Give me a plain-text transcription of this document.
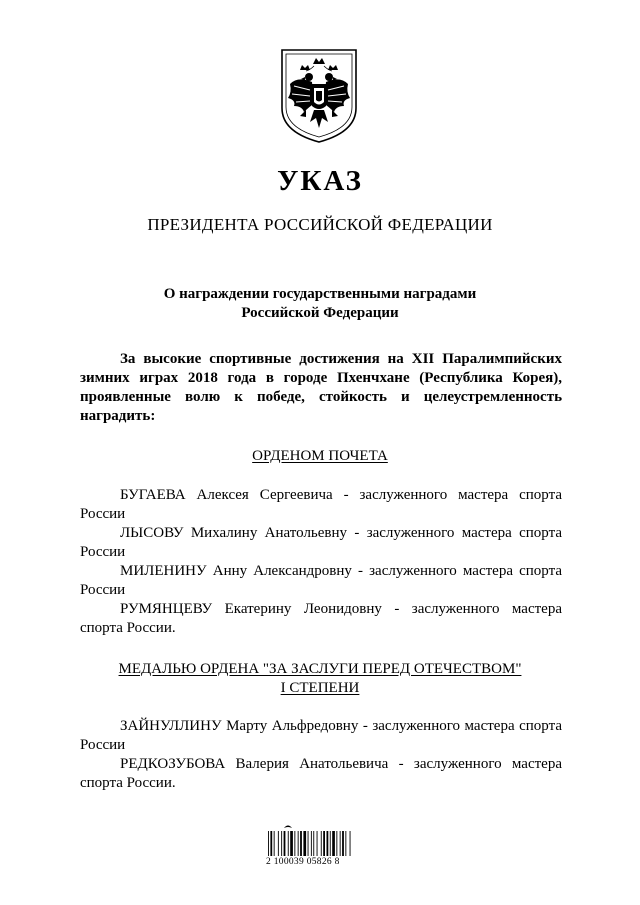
УКАЗ
ПРЕЗИДЕНТА РОССИЙСКОЙ ФЕДЕРАЦИИ
О награждении государственными наградами
Российской Федерации
За высокие спортивные достижения на XII Паралимпийских зимних играх 2018 года в городе Пхенчхане (Республика Корея), проявленные волю к победе, стойкость и целеустремленность наградить:
ОРДЕНОМ ПОЧЕТА
БУГАЕВА Алексея Сергеевича - заслуженного мастера спорта России
ЛЫСОВУ Михалину Анатольевну - заслуженного мастера спорта России
МИЛЕНИНУ Анну Александровну - заслуженного мастера спорта России
РУМЯНЦЕВУ Екатерину Леонидовну - заслуженного мастера спорта России.
МЕДАЛЬЮ ОРДЕНА "ЗА ЗАСЛУГИ ПЕРЕД ОТЕЧЕСТВОМ"
I СТЕПЕНИ
ЗАЙНУЛЛИНУ Марту Альфредовну - заслуженного мастера спорта России
РЕДКОЗУБОВА Валерия Анатольевича - заслуженного мастера спорта России.
2 100039 05826 8
